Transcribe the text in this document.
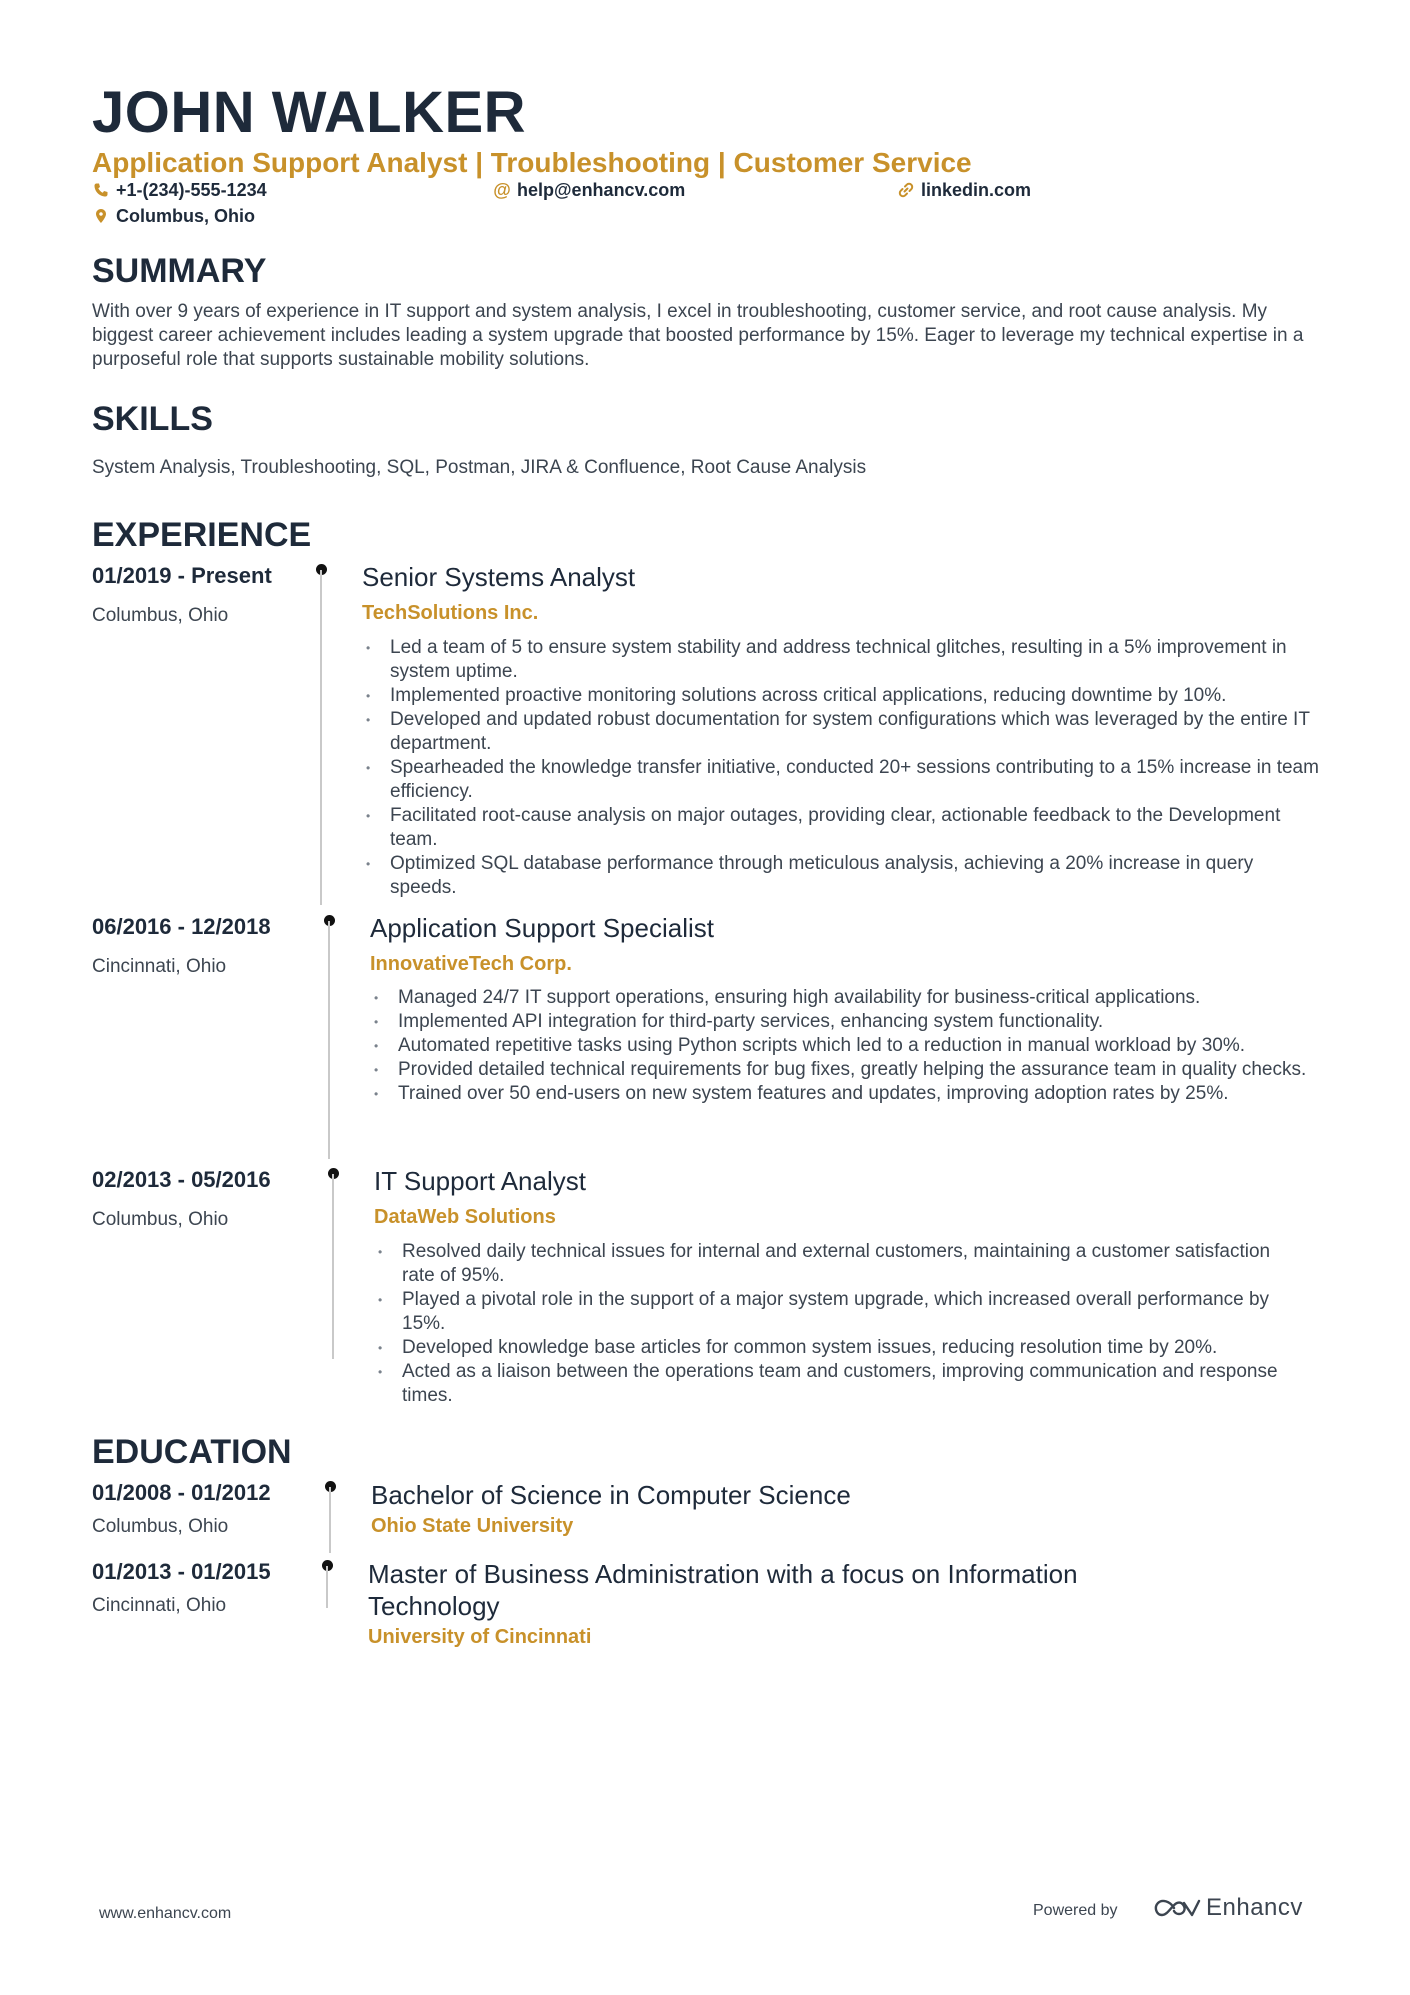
JOHN WALKER
Application Support Analyst | Troubleshooting | Customer Service
+1-(234)-555-1234	@ help@enhancv.com	linkedin.com
Columbus, Ohio
SUMMARY
With over 9 years of experience in IT support and system analysis, I excel in troubleshooting, customer service, and root cause analysis. My biggest career achievement includes leading a system upgrade that boosted performance by 15%. Eager to leverage my technical expertise in a purposeful role that supports sustainable mobility solutions.
SKILLS
System Analysis, Troubleshooting, SQL, Postman, JIRA & Confluence, Root Cause Analysis
EXPERIENCE
01/2019 - Present
Columbus, Ohio
Senior Systems Analyst
TechSolutions Inc.
• Led a team of 5 to ensure system stability and address technical glitches, resulting in a 5% improvement in system uptime.
• Implemented proactive monitoring solutions across critical applications, reducing downtime by 10%.
• Developed and updated robust documentation for system configurations which was leveraged by the entire IT department.
• Spearheaded the knowledge transfer initiative, conducted 20+ sessions contributing to a 15% increase in team efficiency.
• Facilitated root-cause analysis on major outages, providing clear, actionable feedback to the Development team.
• Optimized SQL database performance through meticulous analysis, achieving a 20% increase in query speeds.
06/2016 - 12/2018
Cincinnati, Ohio
Application Support Specialist
InnovativeTech Corp.
• Managed 24/7 IT support operations, ensuring high availability for business-critical applications.
• Implemented API integration for third-party services, enhancing system functionality.
• Automated repetitive tasks using Python scripts which led to a reduction in manual workload by 30%.
• Provided detailed technical requirements for bug fixes, greatly helping the assurance team in quality checks.
• Trained over 50 end-users on new system features and updates, improving adoption rates by 25%.
02/2013 - 05/2016
Columbus, Ohio
IT Support Analyst
DataWeb Solutions
• Resolved daily technical issues for internal and external customers, maintaining a customer satisfaction rate of 95%.
• Played a pivotal role in the support of a major system upgrade, which increased overall performance by 15%.
• Developed knowledge base articles for common system issues, reducing resolution time by 20%.
• Acted as a liaison between the operations team and customers, improving communication and response times.
EDUCATION
01/2008 - 01/2012
Columbus, Ohio
Bachelor of Science in Computer Science
Ohio State University
01/2013 - 01/2015
Cincinnati, Ohio
Master of Business Administration with a focus on Information
Technology
University of Cincinnati
www.enhancv.com	Powered by	Enhancv
